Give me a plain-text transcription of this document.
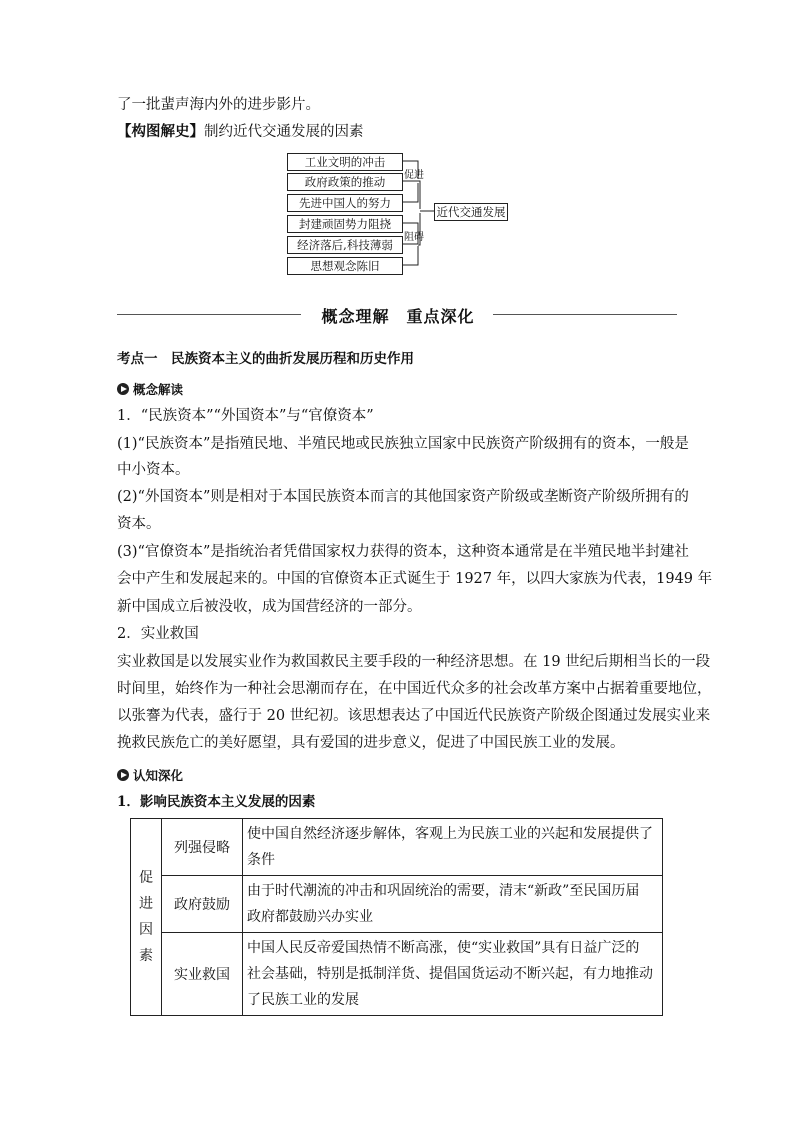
了一批蜚声海内外的进步影片。
【构图解史】制约近代交通发展的因素
工业文明的冲击
政府政策的推动
先进中国人的努力
封建顽固势力阻挠
经济落后,科技薄弱
思想观念陈旧
促进
阻碍
近代交通发展
概念理解　重点深化
考点一　民族资本主义的曲折发展历程和历史作用
概念解读
1．“民族资本”“外国资本”与“官僚资本”
(1)“民族资本”是指殖民地、半殖民地或民族独立国家中民族资产阶级拥有的资本，一般是
中小资本。
(2)“外国资本”则是相对于本国民族资本而言的其他国家资产阶级或垄断资产阶级所拥有的
资本。
(3)“官僚资本”是指统治者凭借国家权力获得的资本，这种资本通常是在半殖民地半封建社
会中产生和发展起来的。中国的官僚资本正式诞生于 1927 年，以四大家族为代表，1949 年
新中国成立后被没收，成为国营经济的一部分。
2．实业救国
实业救国是以发展实业作为救国救民主要手段的一种经济思想。在 19 世纪后期相当长的一段
时间里，始终作为一种社会思潮而存在，在中国近代众多的社会改革方案中占据着重要地位，
以张謇为代表，盛行于 20 世纪初。该思想表达了中国近代民族资产阶级企图通过发展实业来
挽救民族危亡的美好愿望，具有爱国的进步意义，促进了中国民族工业的发展。
认知深化
1．影响民族资本主义发展的因素
促进因素	列强侵略	使中国自然经济逐步解体，客观上为民族工业的兴起和发展提供了
条件

	政府鼓励	由于时代潮流的冲击和巩固统治的需要，清末“新政”至民国历届
政府都鼓励兴办实业

	实业救国	中国人民反帝爱国热情不断高涨，使“实业救国”具有日益广泛的
社会基础，特别是抵制洋货、提倡国货运动不断兴起，有力地推动
了民族工业的发展
